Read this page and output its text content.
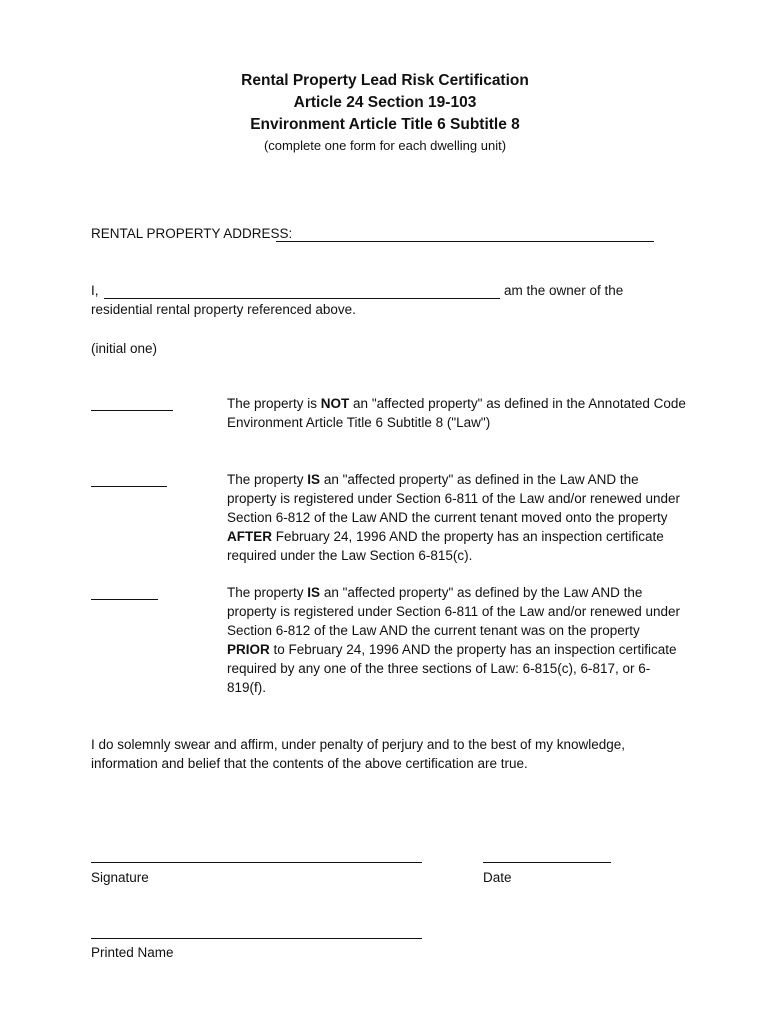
Rental Property Lead Risk Certification
Article 24 Section 19-103
Environment Article Title 6 Subtitle 8
(complete one form for each dwelling unit)
RENTAL PROPERTY ADDRESS:
I,	am the owner of the
residential rental property referenced above.
(initial one)
The property is NOT an "affected property" as defined in the Annotated Code Environment Article Title 6 Subtitle 8 ("Law")
The property IS an "affected property" as defined in the Law AND the property is registered under Section 6-811 of the Law and/or renewed under Section 6-812 of the Law AND the current tenant moved onto the property AFTER February 24, 1996 AND the property has an inspection certificate required under the Law Section 6-815(c).
The property IS an "affected property" as defined by the Law AND the property is registered under Section 6-811 of the Law and/or renewed under Section 6-812 of the Law AND the current tenant was on the property PRIOR to February 24, 1996 AND the property has an inspection certificate required by any one of the three sections of Law: 6-815(c), 6-817, or 6-819(f).
I do solemnly swear and affirm, under penalty of perjury and to the best of my knowledge, information and belief that the contents of the above certification are true.
Signature	Date
Printed Name
